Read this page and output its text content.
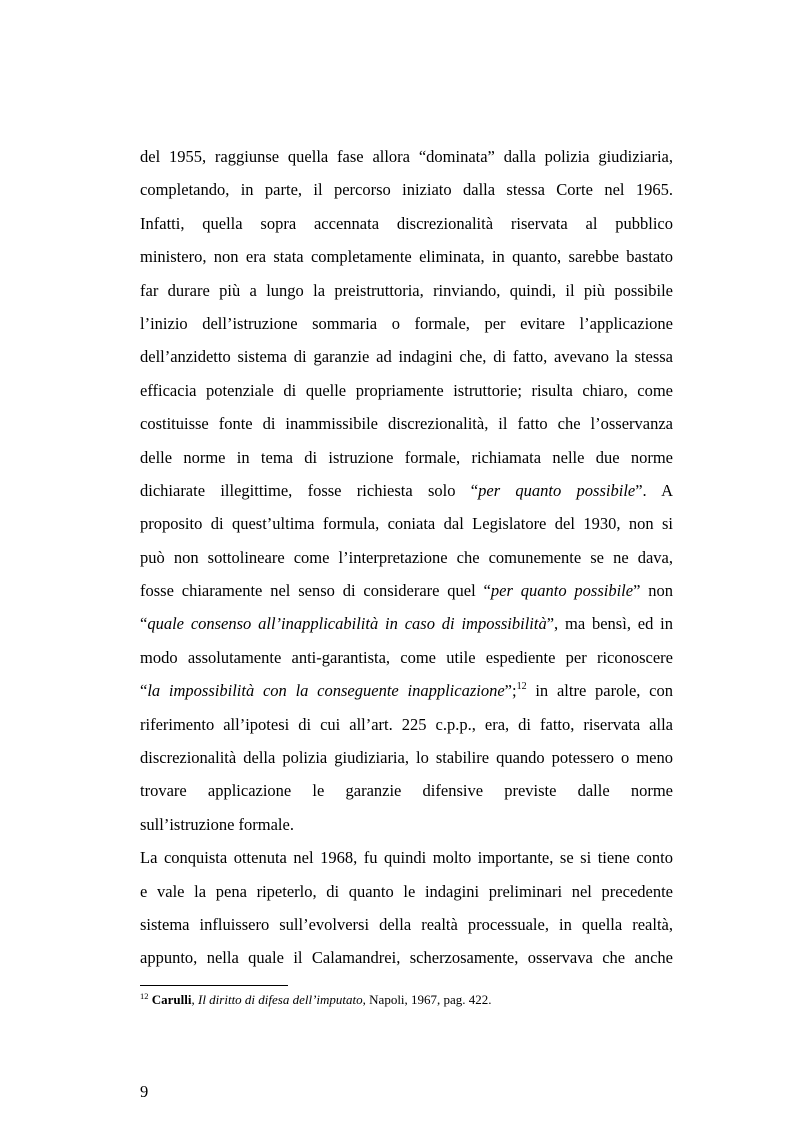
del 1955, raggiunse quella fase allora “dominata” dalla polizia giudiziaria,
completando, in parte, il percorso iniziato dalla stessa Corte nel 1965.
Infatti, quella sopra accennata discrezionalità riservata al pubblico
ministero, non era stata completamente eliminata, in quanto, sarebbe bastato
far durare più a lungo la preistruttoria, rinviando, quindi, il più possibile
l’inizio dell’istruzione sommaria o formale, per evitare l’applicazione
dell’anzidetto sistema di garanzie ad indagini che, di fatto, avevano la stessa
efficacia potenziale di quelle propriamente istruttorie; risulta chiaro, come
costituisse fonte di inammissibile discrezionalità, il fatto che l’osservanza
delle norme in tema di istruzione formale, richiamata nelle due norme
dichiarate illegittime, fosse richiesta solo “per quanto possibile”. A
proposito di quest’ultima formula, coniata dal Legislatore del 1930, non si
può non sottolineare come l’interpretazione che comunemente se ne dava,
fosse chiaramente nel senso di considerare quel “per quanto possibile” non
“quale consenso all’inapplicabilità in caso di impossibilità”, ma bensì, ed in
modo assolutamente anti-garantista, come utile espediente per riconoscere
“la impossibilità con la conseguente inapplicazione”;$^{12}$ in altre parole, con
riferimento all’ipotesi di cui all’art. 225 c.p.p., era, di fatto, riservata alla
discrezionalità della polizia giudiziaria, lo stabilire quando potessero o meno
trovare applicazione le garanzie difensive previste dalle norme
sull’istruzione formale.
La conquista ottenuta nel 1968, fu quindi molto importante, se si tiene conto
e vale la pena ripeterlo, di quanto le indagini preliminari nel precedente
sistema influissero sull’evolversi della realtà processuale, in quella realtà,
appunto, nella quale il Calamandrei, scherzosamente, osservava che anche
$^{12}$ Carulli, Il diritto di difesa dell’imputato, Napoli, 1967, pag. 422.
9
